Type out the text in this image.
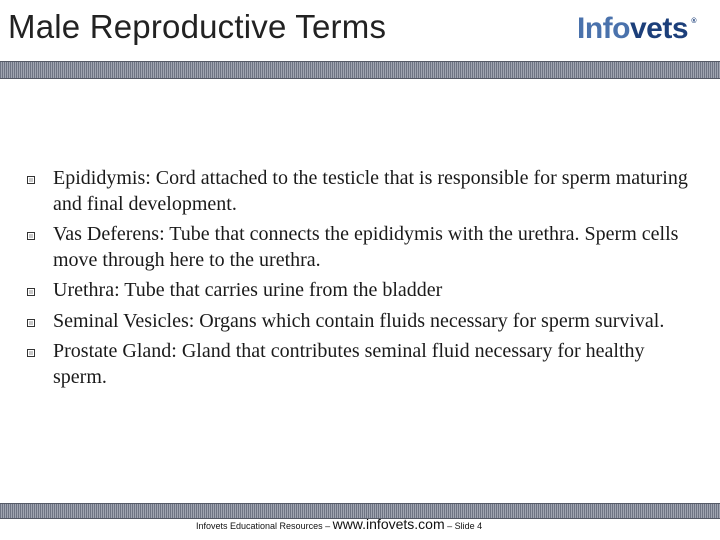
Male Reproductive Terms	Infovets ®
Epididymis: Cord attached to the testicle that is responsible for sperm maturing and final development.
Vas Deferens: Tube that connects the epididymis with the urethra. Sperm cells move through here to the urethra.
Urethra: Tube that carries urine from the bladder
Seminal Vesicles: Organs which contain fluids necessary for sperm survival.
Prostate Gland: Gland that contributes seminal fluid necessary for healthy sperm.
Infovets Educational Resources – www.infovets.com – Slide 4
